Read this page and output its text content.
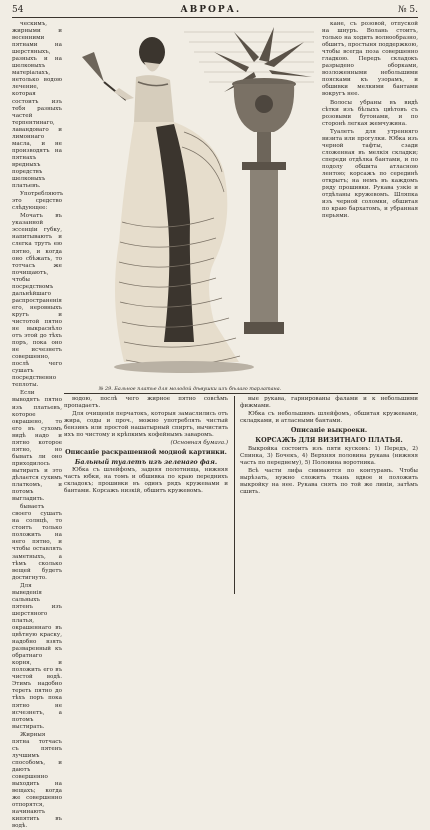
54	АВРОРА.	№ 5.

ческимъ, жирными и весенними пятнами на шерстяныхъ, разныхъ и на шелковыхъ матеріалахъ, нетолько водою лечение, которая состоитъ изъ тебя разныхъ частей терпентинаго, лавандоваго и лимоннаго масла, и не производятъ на пятнахъ вредныхъ поредствъ шелковыхъ платьевъ.

Употребляютъ это средство слѣдующее:

Мочатъ въ указанной эссенціи губку, напитываютъ и слегка трутъ ею пятно, и когда оно сбѣжать, то тотчасъ же почищаютъ, чтобы посредствомъ дальнѣйшаго распространенія его, неровныхъ кругъ и чистотой пятно не выкраснѣло отъ этой до тѣхъ поръ, пока оно не исчезнетъ совершенно, послѣ чего сушатъ посредственно теплоты.

Если выводятъ пятно изъ платьевъ, которое окрашено, то его въ сухомъ видѣ надо и пятно которое пятно, но бывать ли оно приходилось вытирать и это дѣлается сухимъ платкомъ, и потомъ выгладить.

бываетъ своего сушатъ на солнцѣ, то стоитъ только положить на него пятно, и чтобы оставлять заметныхъ, а тѣмъ сколько вещей будетъ достигнуто.

Для выведенія сальныхъ пятенъ изъ шерстяного платья, окрашеннаго въ цвѣтную краску, надобно взять разваренный къ обратнаго корня, и положить его въ чистой водѣ. Этимъ надобно тереть пятно до тѣхъ поръ пока пятно не исчезнетъ, а потомъ выстирать.

Жирныя пятна тотчасъ съ пятенъ лучшимъ способомъ, и даютъ совершенно выходить на вещахъ; когда же совершенно отпорятся, начинаютъ кипятить въ водѣ.

№ 29. Бальное платье для молодой дѣвушки изъ бѣлаго тарлатана.

кане, съ розовой, отпуской на шнуръ. Волань стоитъ, только на ходить волнообразно, обшитъ, простыня поддержкою, чтобы всегда поза совершенно гладкою. Передъ складокъ разрыдено оборками, возложенными небольшими поясками къ узорамъ, и обшивки мелкими бантами вокругъ нее.

Волосы убраны въ видѣ сѣтки изъ бѣлыхъ цвѣтовъ съ розовыми бутонами, и по сторонѣ легкая жемчужина.

Туалетъ для утренняго визита или прогулки. Юбка изъ черной тафты, сзади сложенная въ мелкія складки; спереди отдѣлка бантами, и по подолу обшита атласною лентою; корсажъ по серединѣ открытъ; на немъ въ каждомъ ряду прошивки. Рукава узкіе и отдѣланы кружевомъ. Шляпка изъ черной соломки, обшитая по краю бархатомъ, и убранная перьями.

водою, послѣ чего жирное пятно совсѣмъ пропадаетъ.

Для очищенія перчатокъ, которыя замаслились отъ жира, соды и проч., можно употреблять чистый бензинъ или простой нашатырный спиртъ, вычистить ихъ по чистому и крѣпкимъ кофейнымъ заваромъ.

(Основная бумага.)

Описаніе раскрашенной модной картинки.

Бальный туалетъ изъ зеленаго фая.

Юбка съ шлейфомъ, задняя полотнища, нижняя часть юбки, на томъ и обшивка по краю переднихъ складокъ; прошивки въ одинъ рядъ кружевами и бантами. Корсажъ низкій, обшитъ кружевомъ.

вые рукава, гарнированы фалами и к небольшими фижмами.

Юбка съ небольшимъ шлейфомъ, обшитая кружевами, складками, и атласными бантами.

Описаніе выкроеки.

КОРСАЖЪ ДЛЯ ВИЗИТНАГО ПЛАТЬЯ.

Выкройка состоитъ изъ пяти кусковъ: 1) Передъ, 2) Спинка, 3) Бочекъ, 4) Верхняя половина рукава (нижняя часть по переднему), 5) Половина воротника.

Всѣ части лифа снимаются по контурамъ. Чтобы вырѣзать, нужно сложить ткань вдвое и положить выкройку на нее. Рукава снять по той же линіи, затѣмъ сшить.
